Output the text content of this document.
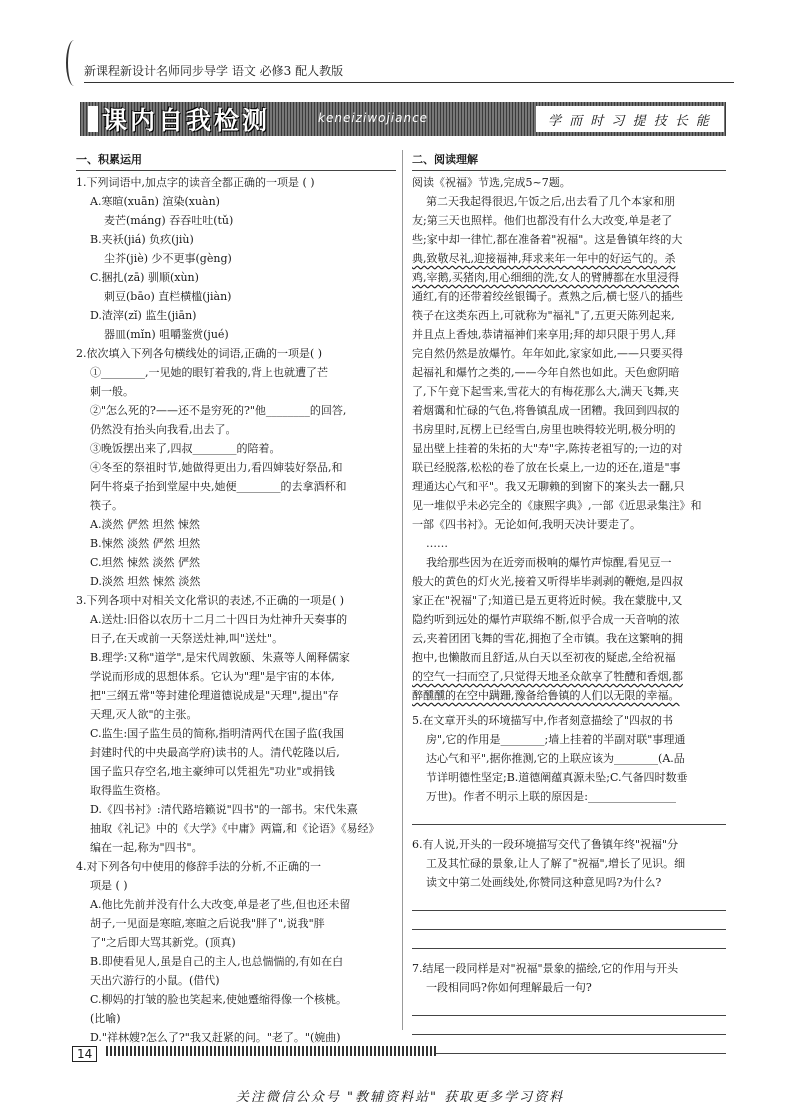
新课程新设计名师同步导学 语文 必修3 配人教版
课内自我检测	keneiziwojiance	学 而 时 习 提 技 长 能

一、积累运用

1.下列词语中,加点字的读音全都正确的一项是 ( )

A.寒暄(xuān) 渲染(xuàn)

麦芒(máng) 吞吞吐吐(tǔ)

B.夹袄(jiá) 负疚(jiù)

尘芥(jiè) 少不更事(gèng)

C.捆扎(zā) 驯顺(xùn)

刺豆(bāo) 直栏横槛(jiàn)

D.渣滓(zǐ) 监生(jiān)

器皿(mǐn) 咀嚼鉴赏(jué)

2.依次填入下列各句横线处的词语,正确的一项是( )

①________,一见她的眼钉着我的,背上也就遭了芒

刺一般。

②"怎么死的?——还不是穷死的?"他________的回答,

仍然没有抬头向我看,出去了。

③晚饭摆出来了,四叔________的陪着。

④冬至的祭祖时节,她做得更出力,看四婶装好祭品,和

阿牛将桌子抬到堂屋中央,她便________的去拿酒杯和

筷子。

A.淡然 俨然 坦然 悚然

B.悚然 淡然 俨然 坦然

C.坦然 悚然 淡然 俨然

D.淡然 坦然 悚然 淡然

3.下列各项中对相关文化常识的表述,不正确的一项是( )

A.送灶:旧俗以农历十二月二十四日为灶神升天奏事的

日子,在天或前一天祭送灶神,叫"送灶"。

B.理学:又称"道学",是宋代周敦颐、朱熹等人阐释儒家

学说而形成的思想体系。它认为"理"是宇宙的本体,

把"三纲五常"等封建伦理道德说成是"天理",提出"存

天理,灭人欲"的主张。

C.监生:国子监生员的简称,指明清两代在国子监(我国

封建时代的中央最高学府)读书的人。清代乾隆以后,

国子监只存空名,地主豪绅可以凭祖先"功业"或捐钱

取得监生资格。

D.《四书衬》:清代路培籁说"四书"的一部书。宋代朱熹

抽取《礼记》中的《大学》《中庸》两篇,和《论语》《易经》

编在一起,称为"四书"。

4.对下列各句中使用的修辞手法的分析,不正确的一

项是 ( )

A.他比先前并没有什么大改变,单是老了些,但也还未留

胡子,一见面是寒暄,寒暄之后说我"胖了",说我"胖

了"之后即大骂其新党。(顶真)

B.即使看见人,虽是自己的主人,也总惴惴的,有如在白

天出穴游行的小鼠。(借代)

C.柳妈的打皱的脸也笑起来,使她蹙缩得像一个核桃。

(比喻)

D."祥林嫂?怎么了?"我又赶紧的问。"老了。"(婉曲)

二、阅读理解

阅读《祝福》节选,完成5~7题。

第二天我起得很迟,午饭之后,出去看了几个本家和朋

友;第三天也照样。他们也都没有什么大改变,单是老了

些;家中却一律忙,都在准备着"祝福"。这是鲁镇年终的大

典,致敬尽礼,迎接福神,拜求来年一年中的好运气的。杀

鸡,宰鹅,买猪肉,用心细细的洗,女人的臂膊都在水里浸得

通红,有的还带着绞丝银镯子。煮熟之后,横七竖八的插些

筷子在这类东西上,可就称为"福礼"了,五更天陈列起来,

并且点上香烛,恭请福神们来享用;拜的却只限于男人,拜

完自然仍然是放爆竹。年年如此,家家如此,——只要买得

起福礼和爆竹之类的,——今年自然也如此。天色愈阴暗

了,下午竟下起雪来,雪花大的有梅花那么大,满天飞舞,夹

着烟霭和忙碌的气色,将鲁镇乱成一团糟。我回到四叔的

书房里时,瓦楞上已经雪白,房里也映得较光明,极分明的

显出壁上挂着的朱拓的大"寿"字,陈抟老祖写的;一边的对

联已经脱落,松松的卷了放在长桌上,一边的还在,道是"事

理通达心气和平"。我又无聊赖的到窗下的案头去一翻,只

见一堆似乎未必完全的《康熙字典》,一部《近思录集注》和

一部《四书衬》。无论如何,我明天决计要走了。

……

我给那些因为在近旁而极响的爆竹声惊醒,看见豆一

般大的黄色的灯火光,接着又听得毕毕剥剥的鞭炮,是四叔

家正在"祝福"了;知道已是五更将近时候。我在蒙胧中,又

隐约听到远处的爆竹声联绵不断,似乎合成一天音响的浓

云,夹着团团飞舞的雪花,拥抱了全市镇。我在这繁响的拥

抱中,也懒散而且舒适,从白天以至初夜的疑虑,全给祝福

的空气一扫而空了,只觉得天地圣众歆享了牲醴和香烟,都

醉醺醺的在空中蹒跚,豫备给鲁镇的人们以无限的幸福。

5.在文章开头的环境描写中,作者刻意描绘了"四叔的书

房",它的作用是________;墙上挂着的半副对联"事理通

达心气和平",据你推测,它的上联应该为________(A.品

节详明德性坚定;B.道德阐蕴真源未坠;C.气备四时数垂

万世)。作者不明示上联的原因是:________________

6.有人说,开头的一段环境描写交代了鲁镇年终"祝福"分

工及其忙碌的景象,让人了解了"祝福",增长了见识。细

读文中第二处画线处,你赞同这种意见吗?为什么?

7.结尾一段同样是对"祝福"景象的描绘,它的作用与开头

一段相同吗?你如何理解最后一句?

14
关注微信公众号 "教辅资料站" 获取更多学习资料
